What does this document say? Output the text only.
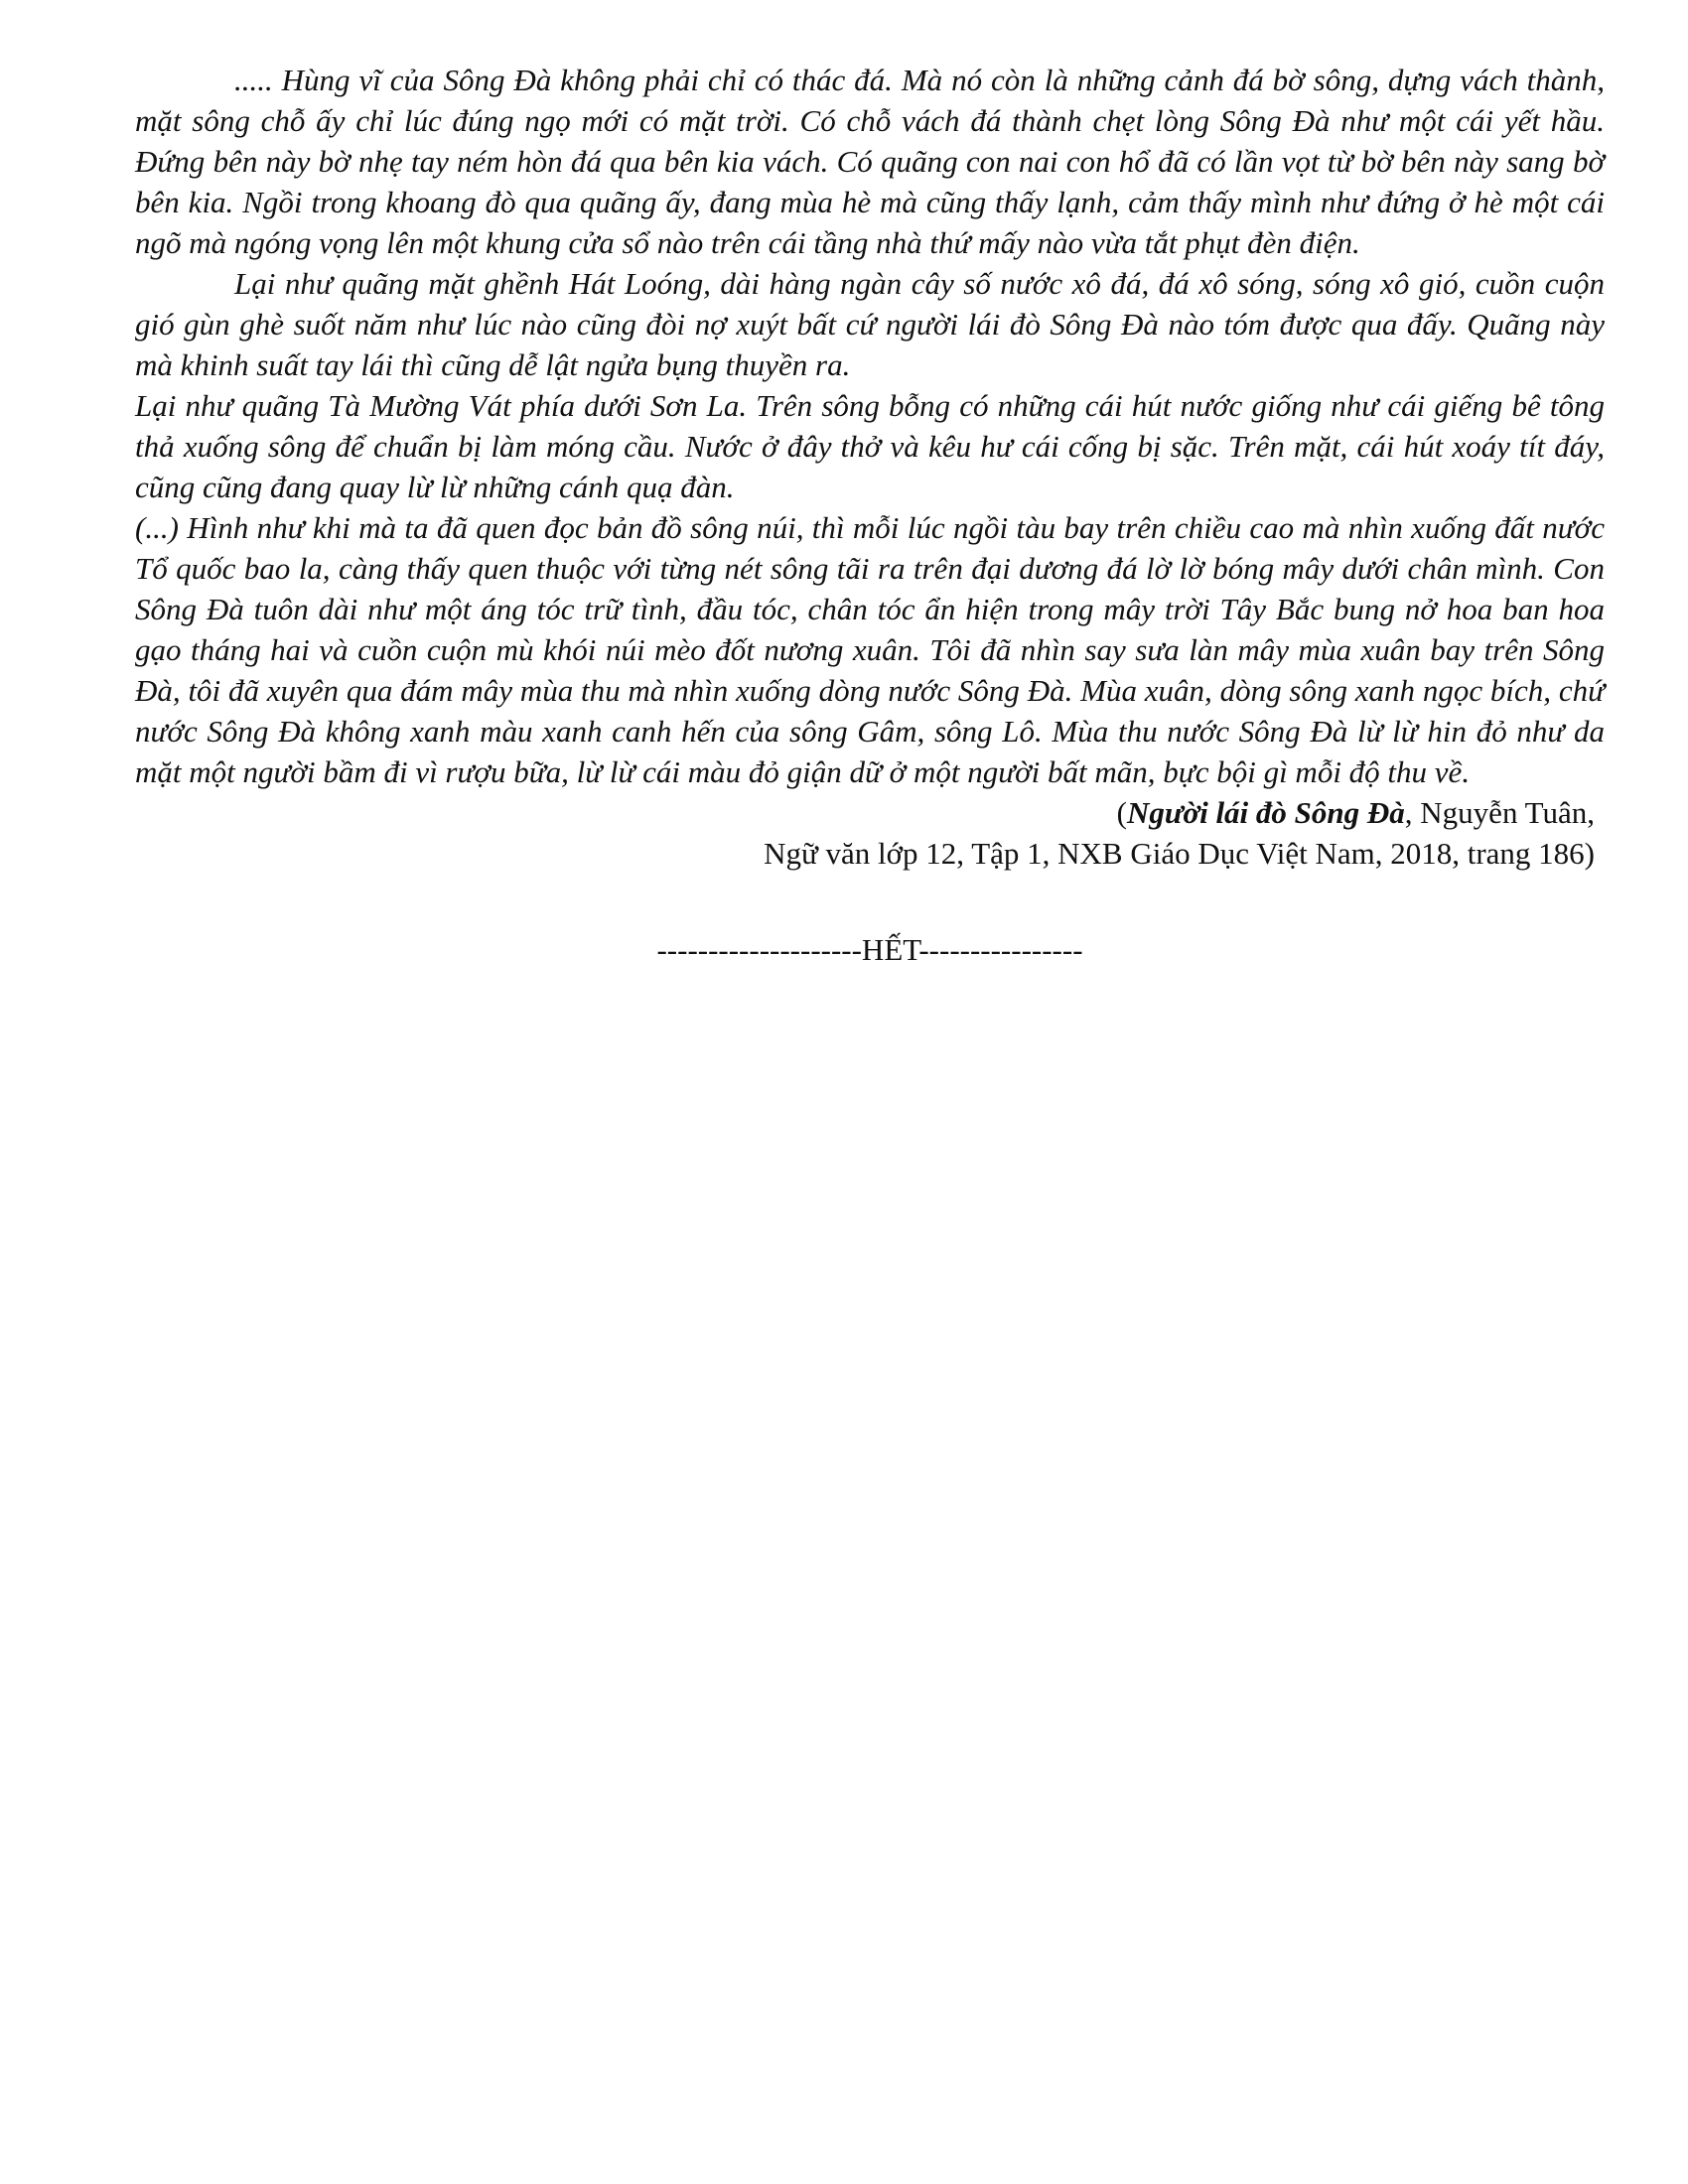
..... Hùng vĩ của Sông Đà không phải chỉ có thác đá. Mà nó còn là những cảnh đá bờ sông, dựng vách thành, mặt sông chỗ ấy chỉ lúc đúng ngọ mới có mặt trời. Có chỗ vách đá thành chẹt lòng Sông Đà như một cái yết hầu. Đứng bên này bờ nhẹ tay ném hòn đá qua bên kia vách. Có quãng con nai con hổ đã có lần vọt từ bờ bên này sang bờ bên kia. Ngồi trong khoang đò qua quãng ấy, đang mùa hè mà cũng thấy lạnh, cảm thấy mình như đứng ở hè một cái ngõ mà ngóng vọng lên một khung cửa sổ nào trên cái tầng nhà thứ mấy nào vừa tắt phụt đèn điện.

Lại như quãng mặt ghềnh Hát Loóng, dài hàng ngàn cây số nước xô đá, đá xô sóng, sóng xô gió, cuồn cuộn gió gùn ghè suốt năm như lúc nào cũng đòi nợ xuýt bất cứ người lái đò Sông Đà nào tóm được qua đấy. Quãng này mà khinh suất tay lái thì cũng dễ lật ngửa bụng thuyền ra.

Lại như quãng Tà Mường Vát phía dưới Sơn La. Trên sông bỗng có những cái hút nước giống như cái giếng bê tông thả xuống sông để chuẩn bị làm móng cầu. Nước ở đây thở và kêu hư cái cống bị sặc. Trên mặt, cái hút xoáy tít đáy, cũng cũng đang quay lừ lừ những cánh quạ đàn.

(...) Hình như khi mà ta đã quen đọc bản đồ sông núi, thì mỗi lúc ngồi tàu bay trên chiều cao mà nhìn xuống đất nước Tổ quốc bao la, càng thấy quen thuộc với từng nét sông tãi ra trên đại dương đá lờ lờ bóng mây dưới chân mình. Con Sông Đà tuôn dài như một áng tóc trữ tình, đầu tóc, chân tóc ẩn hiện trong mây trời Tây Bắc bung nở hoa ban hoa gạo tháng hai và cuồn cuộn mù khói núi mèo đốt nương xuân. Tôi đã nhìn say sưa làn mây mùa xuân bay trên Sông Đà, tôi đã xuyên qua đám mây mùa thu mà nhìn xuống dòng nước Sông Đà. Mùa xuân, dòng sông xanh ngọc bích, chứ nước Sông Đà không xanh màu xanh canh hến của sông Gâm, sông Lô. Mùa thu nước Sông Đà lừ lừ hin đỏ như da mặt một người bầm đi vì rượu bữa, lừ lừ cái màu đỏ giận dữ ở một người bất mãn, bực bội gì mỗi độ thu về.

(Người lái đò Sông Đà, Nguyễn Tuân,

Ngữ văn lớp 12, Tập 1, NXB Giáo Dục Việt Nam, 2018, trang 186)

--------------------HẾT----------------
